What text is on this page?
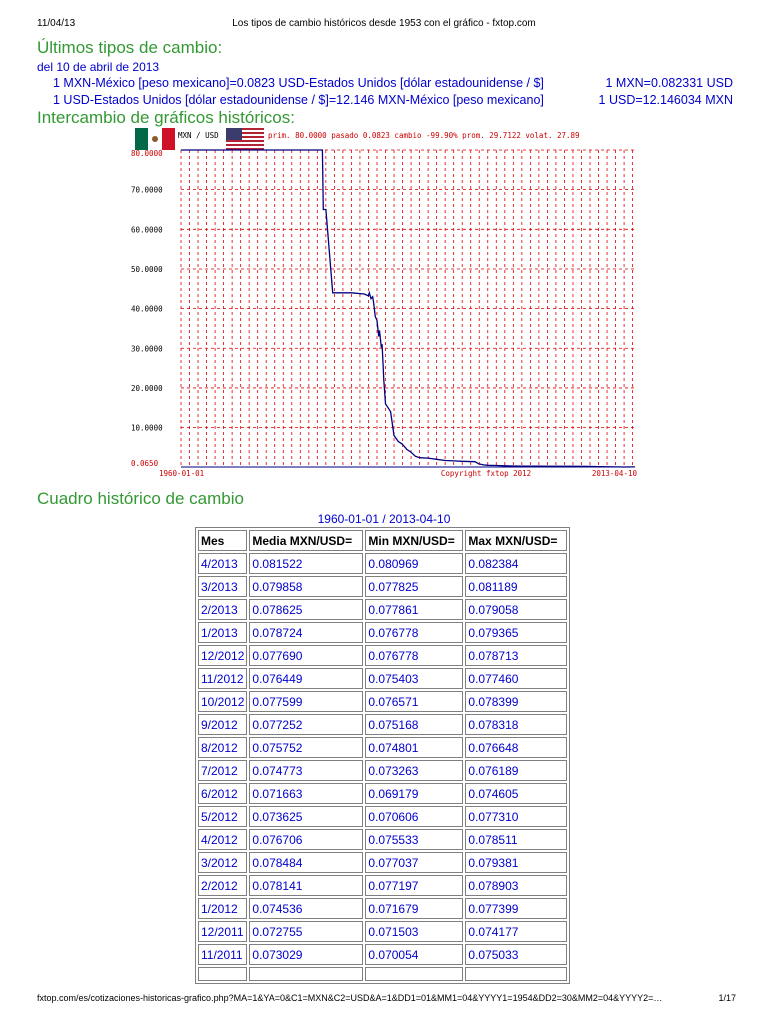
11/04/13	Los tipos de cambio históricos desde 1953 con el gráfico - fxtop.com
Últimos tipos de cambio:
del 10 de abril de 2013
1 MXN-México [peso mexicano]=0.0823 USD-Estados Unidos [dólar estadounidense / $]	1 MXN=0.082331 USD
1 USD-Estados Unidos [dólar estadounidense / $]=12.146 MXN-México [peso mexicano]	1 USD=12.146034 MXN
Intercambio de gráficos históricos:
MXN / USD	prim. 80.0000 pasado 0.0823 cambio -99.90% prom. 29.7122 volat. 27.89
80.0000
70.0000
60.0000
50.0000
40.0000
30.0000
20.0000
10.0000
0.0650
1960-01-01	Copyright fxtop 2012	2013-04-10
Cuadro histórico de cambio
1960-01-01 / 2013-04-10
Mes	Media MXN/USD=	Min MXN/USD=	Max MXN/USD=
4/2013	0.081522	0.080969	0.082384
3/2013	0.079858	0.077825	0.081189
2/2013	0.078625	0.077861	0.079058
1/2013	0.078724	0.076778	0.079365
12/2012	0.077690	0.076778	0.078713
11/2012	0.076449	0.075403	0.077460
10/2012	0.077599	0.076571	0.078399
9/2012	0.077252	0.075168	0.078318
8/2012	0.075752	0.074801	0.076648
7/2012	0.074773	0.073263	0.076189
6/2012	0.071663	0.069179	0.074605
5/2012	0.073625	0.070606	0.077310
4/2012	0.076706	0.075533	0.078511
3/2012	0.078484	0.077037	0.079381
2/2012	0.078141	0.077197	0.078903
1/2012	0.074536	0.071679	0.077399
12/2011	0.072755	0.071503	0.074177
11/2011	0.073029	0.070054	0.075033

fxtop.com/es/cotizaciones-historicas-grafico.php?MA=1&YA=0&C1=MXN&C2=USD&A=1&DD1=01&MM1=04&YYYY1=1954&DD2=30&MM2=04&YYYY2=…	1/17
